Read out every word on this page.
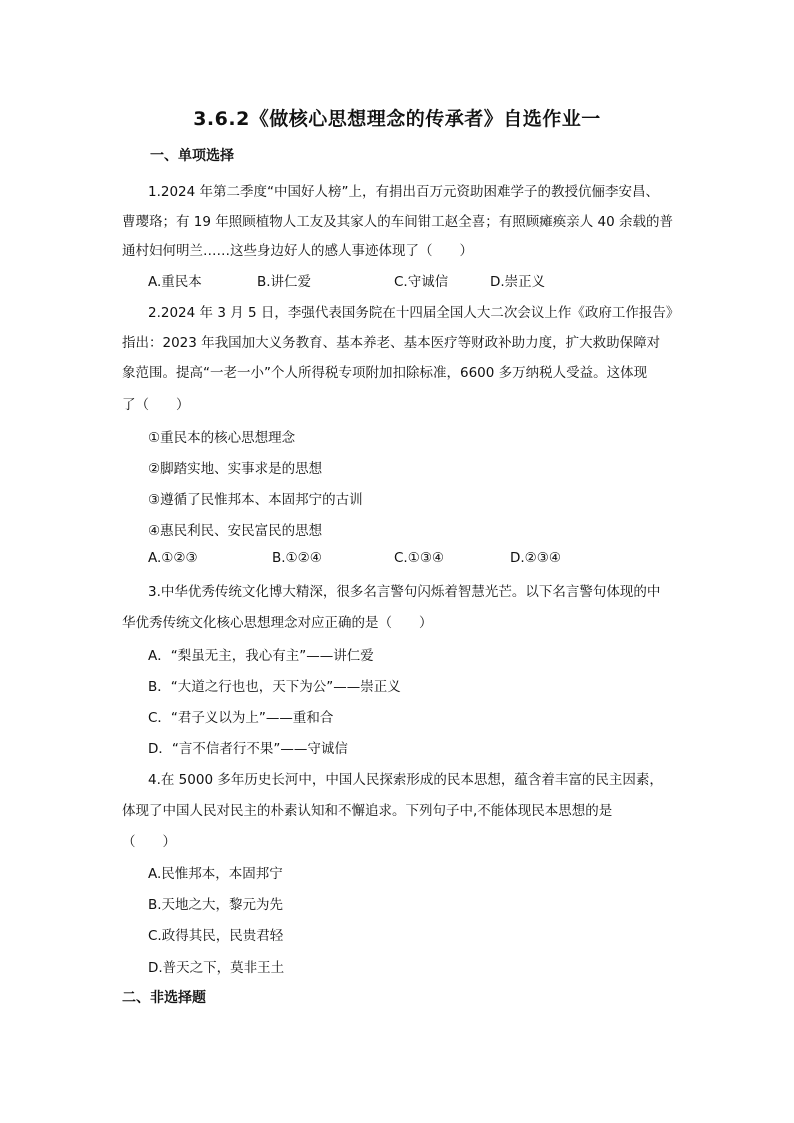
3.6.2《做核心思想理念的传承者》自选作业一
一、单项选择
1.2024 年第二季度“中国好人榜”上，有捐出百万元资助困难学子的教授伉俪李安昌、
曹璎珞；有 19 年照顾植物人工友及其家人的车间钳工赵全喜；有照顾瘫痪亲人 40 余载的普
通村妇何明兰……这些身边好人的感人事迹体现了（　　）
A.重民本	B.讲仁爱	C.守诚信	D.崇正义
2.2024 年 3 月 5 日，李强代表国务院在十四届全国人大二次会议上作《政府工作报告》
指出：2023 年我国加大义务教育、基本养老、基本医疗等财政补助力度，扩大救助保障对
象范围。提高“一老一小”个人所得税专项附加扣除标准，6600 多万纳税人受益。这体现
了（　　）
①重民本的核心思想理念
②脚踏实地、实事求是的思想
③遵循了民惟邦本、本固邦宁的古训
④惠民利民、安民富民的思想
A.①②③	B.①②④	C.①③④	D.②③④
3.中华优秀传统文化博大精深，很多名言警句闪烁着智慧光芒。以下名言警句体现的中
华优秀传统文化核心思想理念对应正确的是（　　）
A．“梨虽无主，我心有主”——讲仁爱
B．“大道之行也也，天下为公”——崇正义
C．“君子义以为上”——重和合
D．“言不信者行不果”——守诚信
4.在 5000 多年历史长河中，中国人民探索形成的民本思想，蕴含着丰富的民主因素，
体现了中国人民对民主的朴素认知和不懈追求。下列句子中,不能体现民本思想的是
（　　）
A.民惟邦本，本固邦宁
B.天地之大，黎元为先
C.政得其民，民贵君轻
D.普天之下，莫非王土
二、非选择题
